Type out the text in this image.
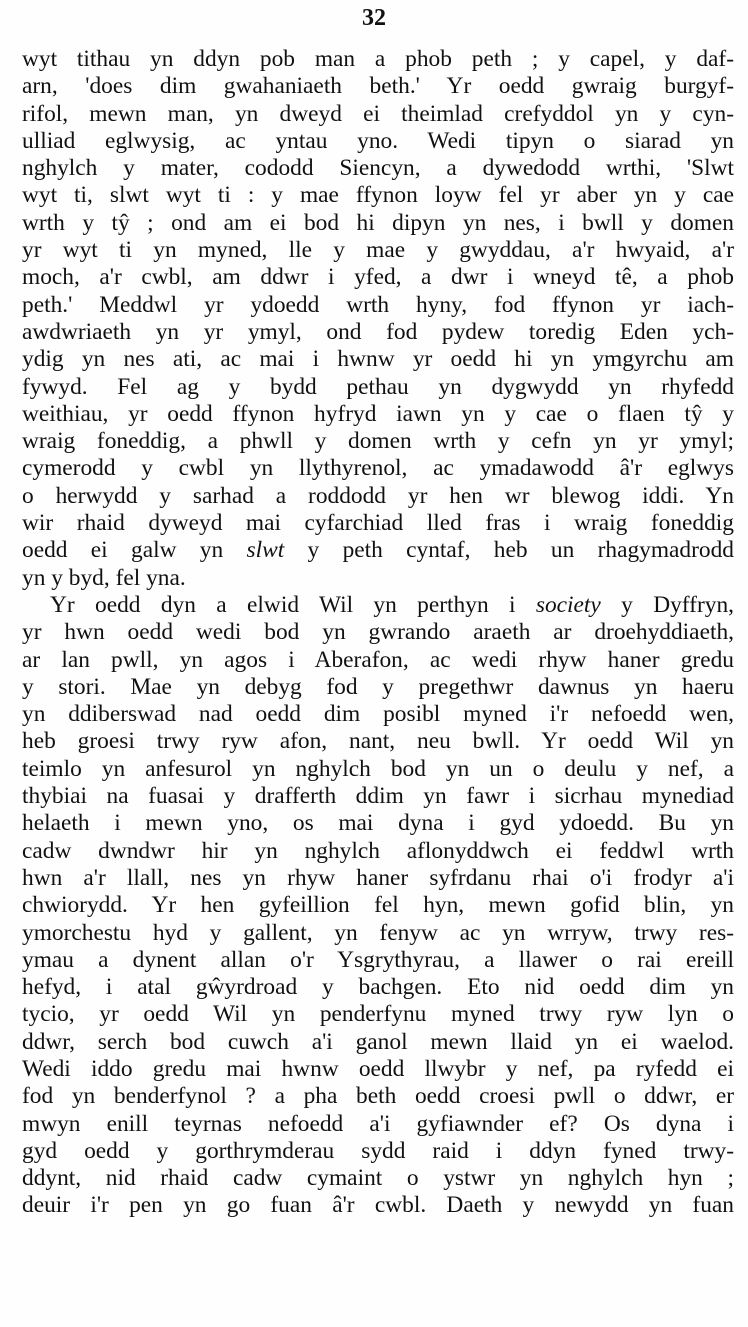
32
wyt tithau yn ddyn pob man a phob peth ; y capel, y daf-
arn, 'does dim gwahaniaeth beth.' Yr oedd gwraig burgyf-
rifol, mewn man, yn dweyd ei theimlad crefyddol yn y cyn-
ulliad eglwysig, ac yntau yno. Wedi tipyn o siarad yn
nghylch y mater, cododd Siencyn, a dywedodd wrthi, 'Slwt
wyt ti, slwt wyt ti : y mae ffynon loyw fel yr aber yn y cae
wrth y tŷ ; ond am ei bod hi dipyn yn nes, i bwll y domen
yr wyt ti yn myned, lle y mae y gwyddau, a'r hwyaid, a'r
moch, a'r cwbl, am ddwr i yfed, a dwr i wneyd tê, a phob
peth.' Meddwl yr ydoedd wrth hyny, fod ffynon yr iach-
awdwriaeth yn yr ymyl, ond fod pydew toredig Eden ych-
ydig yn nes ati, ac mai i hwnw yr oedd hi yn ymgyrchu am
fywyd. Fel ag y bydd pethau yn dygwydd yn rhyfedd
weithiau, yr oedd ffynon hyfryd iawn yn y cae o flaen tŷ y
wraig foneddig, a phwll y domen wrth y cefn yn yr ymyl;
cymerodd y cwbl yn llythyrenol, ac ymadawodd â'r eglwys
o herwydd y sarhad a roddodd yr hen wr blewog iddi. Yn
wir rhaid dyweyd mai cyfarchiad lled fras i wraig foneddig
oedd ei galw yn slwt y peth cyntaf, heb un rhagymadrodd
yn y byd, fel yna.
Yr oedd dyn a elwid Wil yn perthyn i society y Dyffryn,
yr hwn oedd wedi bod yn gwrando araeth ar droehyddiaeth,
ar lan pwll, yn agos i Aberafon, ac wedi rhyw haner gredu
y stori. Mae yn debyg fod y pregethwr dawnus yn haeru
yn ddiberswad nad oedd dim posibl myned i'r nefoedd wen,
heb groesi trwy ryw afon, nant, neu bwll. Yr oedd Wil yn
teimlo yn anfesurol yn nghylch bod yn un o deulu y nef, a
thybiai na fuasai y drafferth ddim yn fawr i sicrhau mynediad
helaeth i mewn yno, os mai dyna i gyd ydoedd. Bu yn
cadw dwndwr hir yn nghylch aflonyddwch ei feddwl wrth
hwn a'r llall, nes yn rhyw haner syfrdanu rhai o'i frodyr a'i
chwiorydd. Yr hen gyfeillion fel hyn, mewn gofid blin, yn
ymorchestu hyd y gallent, yn fenyw ac yn wrryw, trwy res-
ymau a dynent allan o'r Ysgrythyrau, a llawer o rai ereill
hefyd, i atal gŵyrdroad y bachgen. Eto nid oedd dim yn
tycio, yr oedd Wil yn penderfynu myned trwy ryw lyn o
ddwr, serch bod cuwch a'i ganol mewn llaid yn ei waelod.
Wedi iddo gredu mai hwnw oedd llwybr y nef, pa ryfedd ei
fod yn benderfynol ? a pha beth oedd croesi pwll o ddwr, er
mwyn enill teyrnas nefoedd a'i gyfiawnder ef? Os dyna i
gyd oedd y gorthrymderau sydd raid i ddyn fyned trwy-
ddynt, nid rhaid cadw cymaint o ystwr yn nghylch hyn ;
deuir i'r pen yn go fuan â'r cwbl. Daeth y newydd yn fuan
